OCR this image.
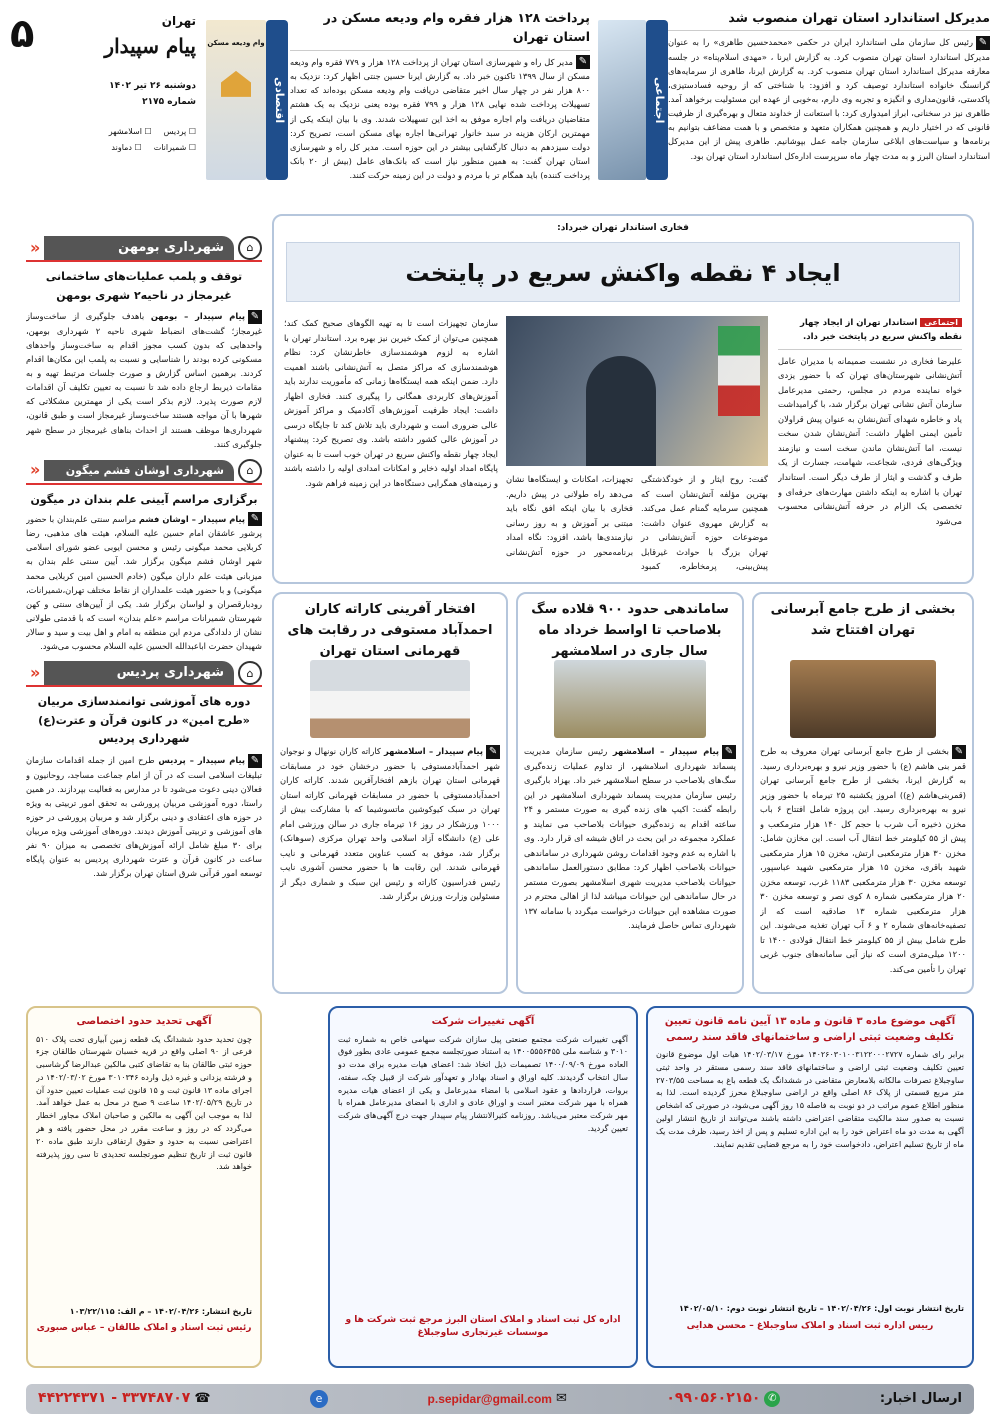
مدیرکل استاندارد استان تهران منصوب شد

✎رئیس کل سازمان ملی استاندارد ایران در حکمی «محمدحسین طاهری» را به عنوان مدیرکل استاندارد استان تهران منصوب کرد. به گزارش ایرنا ، «مهدی اسلام‌پناه» در جلسه معارفه مدیرکل استاندارد استان تهران منصوب کرد. به گزارش ایرنا، طاهری از سرمایه‌های گرانسنگ خانواده استاندارد توصیف کرد و افزود: با شناختی که از روحیه فسادستیزی، پاکدستی، قانون‌مداری و انگیزه و تجربه وی دارم، به‌خوبی از عهده این مسئولیت برخواهد آمد. طاهری نیز در سخنانی، ابراز امیدواری کرد: با استعانت از خداوند متعال و بهره‌گیری از ظرفیت قانونی که در اختیار داریم و همچنین همکاران متعهد و متخصص و با همت مضاعف بتوانیم به برنامه‌ها و سیاست‌های ابلاغی سازمان جامه عمل بپوشانیم. طاهری پیش از این مدیرکل استاندارد استان البرز و به مدت چهار ماه سرپرست اداره‌کل استاندارد استان تهران بود.

اجتماعی
پرداخت ۱۲۸ هزار فقره وام ودیعه مسکن در استان تهران

✎مدیر کل راه و شهرسازی استان تهران از پرداخت ۱۲۸ هزار و ۷۷۹ فقره وام ودیعه مسکن از سال ۱۳۹۹ تاکنون خبر داد. به گزارش ایرنا حسین جنتی اظهار کرد: نزدیک به ۸۰۰ هزار نفر در چهار سال اخیر متقاضی دریافت وام ودیعه مسکن بوده‌اند که تعداد تسهیلات پرداخت شده نهایی ۱۲۸ هزار و ۷۹۹ فقره بوده یعنی نزدیک به یک هشتم متقاضیان دریافت وام اجاره موفق به اخذ این تسهیلات شدند. وی با بیان اینکه یکی از مهمترین ارکان هزینه در سبد خانوار تهرانی‌ها اجاره بهای مسکن است، تصریح کرد: دولت سیزدهم به دنبال کارگشایی بیشتر در این حوزه است. مدیر کل راه و شهرسازی استان تهران گفت: به همین منظور نیاز است که بانک‌های عامل (بیش از ۲۰ بانک پرداخت کننده) باید همگام تر با مردم و دولت در این زمینه حرکت کنند.

اقتصادی
وام ودیعه مسکن
۵	تهران
پیام سپیدار
دوشنبه ۲۶ تیر ۱۴۰۲
شماره ۲۱۷۵
☐ پردیس
☐ اسلامشهر
☐ شمیرانات
☐ دماوند
⌂
شهرداری بومهن
«
توقف و پلمب عملیات‌های ساختمانی غیرمجاز در ناحیه۲ شهری بومهن

✎پیام سپیدار – بومهن باهدف جلوگیری از ساخت‌وساز غیرمجاز؛ گشت‌های انضباط شهری ناحیه ۲ شهرداری بومهن، واحدهایی که بدون کسب مجوز اقدام به ساخت‌وساز واحدهای مسکونی کرده بودند را شناسایی و نسبت به پلمب این مکان‌ها اقدام کردند. برهمین اساس گزارش و صورت جلسات مرتبط تهیه و به مقامات ذیربط ارجاع داده شد تا نسبت به تعیین تکلیف آن اقدامات لازم صورت پذیرد. لازم بذکر است یکی از مهمترین مشکلاتی که شهرها با آن مواجه هستند ساخت‌وساز غیرمجاز است و طبق قانون، شهرداری‌ها موظف هستند از احداث بناهای غیرمجاز در سطح شهر جلوگیری کنند.

⌂
شهرداری اوشان فشم میگون
«
برگزاری مراسم آیینی علم بندان در میگون

✎پیام سپیدار – اوشان فشم مراسم سنتی علم‌بندان با حضور پرشور عاشقان امام حسین علیه السلام، هیئت های مذهبی، رضا کربلایی محمد میگونی رئیس و محسن ایوبی عضو شورای اسلامی شهر اوشان فشم میگون برگزار شد. آیین سنتی علم بندان به میزبانی هیئت علم داران میگون (خادم الحسین امین کربلایی محمد میگونی) و با حضور هیئت علمداران از نقاط مختلف تهران،شمیرانات، رودبارقصران و لواسان برگزار شد. یکی از آیین‌های سنتی و کهن شهرستان شمیرانات مراسم «علم بندان» است که با قدمتی طولانی نشان از دلدادگی مردم این منطقه به امام و اهل بیت و سید و سالار شهیدان حضرت اباعبدالله الحسین علیه السلام محسوب می‌شود.

⌂
شهرداری پردیس
«
دوره های آموزشی توانمندسازی مربیان «طرح امین» در کانون قرآن و عترت(ع) شهرداری پردیس

✎پیام سپیدار – پردیس طرح امین از جمله اقدامات سازمان تبلیغات اسلامی است که در آن از امام جماعت مساجد، روحانیون و فعالان دینی دعوت می‌شود تا در مدارس به فعالیت بپردازند. در همین راستا، دوره آموزشی مربیان پرورشی به تحقق امور تربیتی به ویژه در حوزه های اعتقادی و دینی برگزار شد و مربیان پرورشی در حوزه های آموزشی و تربیتی آموزش دیدند. دوره‌های آموزشی ویژه مربیان برای ۳۰ مبلغ شامل ارائه آموزش‌های تخصصی به میزان ۹۰ نفر ساعت در کانون قرآن و عترت شهرداری پردیس به عنوان پایگاه توسعه امور قرآنی شرق استان تهران برگزار شد.

فخاری استاندار تهران خبرداد:
ایجاد ۴ نقطه واکنش سریع در پایتخت
اجتماعی استاندار تهران از ایجاد چهار نقطه واکنش سریع در پایتخت خبر داد.

علیرضا فخاری در نشست صمیمانه با مدیران عامل آتش‌نشانی شهرستان‌های تهران که با حضور یزدی خواه نماینده مردم در مجلس، رحمتی مدیرعامل سازمان آتش نشانی تهران برگزار شد، با گرامیداشت یاد و خاطره شهدای آتش‌نشان به عنوان پیش قراولان تأمین ایمنی اظهار داشت: آتش‌نشان شدن سخت نیست، اما آتش‌نشان ماندن سخت است و نیازمند ویژگی‌های فردی، شجاعت، شهامت، جسارت از یک طرف و گذشت و ایثار از طرف دیگر است. استاندار تهران با اشاره به اینکه داشتن مهارت‌های حرفه‌ای و تخصصی یک الزام در حرفه آتش‌نشانی محسوب می‌شود

گفت: روح ایثار و از خودگذشتگی بهترین مؤلفه آتش‌نشان است که همچنین سرمایه گمنام عمل می‌کند. به گزارش مهروی عنوان داشت: موضوعات حوزه آتش‌نشانی در تهران بزرگ با حوادث غیرقابل پیش‌بینی، پرمخاطره، کمبود تجهیزات، امکانات و ایستگاه‌ها نشان می‌دهد راه طولانی در پیش داریم. فخاری با بیان اینکه افق نگاه باید مبتنی بر آموزش و به روز رسانی نیازمندی‌ها باشد، افزود: نگاه امداد برنامه‌محور در حوزه آتش‌نشانی

سازمان تجهیزات است تا به تهیه الگوهای صحیح کمک کند؛ همچنین می‌توان از کمک خیرین نیز بهره برد. استاندار تهران با اشاره به لزوم هوشمندسازی خاطرنشان کرد: نظام هوشمندسازی که مراکز متصل به آتش‌نشانی باشند اهمیت دارد. ضمن اینکه همه ایستگاه‌ها زمانی که مأموریت ندارند باید آموزش‌های کاربردی همگانی را پیگیری کنند. فخاری اظهار داشت: ایجاد ظرفیت آموزش‌های آکادمیک و مراکز آموزش عالی ضروری است و شهرداری باید تلاش کند تا جایگاه درسی در آموزش عالی کشور داشته باشد. وی تصریح کرد: پیشنهاد ایجاد چهار نقطه واکنش سریع در تهران خوب است تا به عنوان پایگاه امداد اولیه ذخایر و امکانات امدادی اولیه را داشته باشند و زمینه‌های همگرایی دستگاه‌ها در این زمینه فراهم شود.

بخشی از طرح جامع آبرسانی تهران افتتاح شد

✎بخشی از طرح جامع آبرسانی تهران معروف به طرح قمر بنی هاشم (ع) با حضور وزیر نیرو و بهره‌برداری رسید. به گزارش ایرنا، بخشی از طرح جامع آبرسانی تهران (قمربنی‌هاشم (ع)) امروز یکشنبه ۲۵ تیرماه با حضور وزیر نیرو به بهره‌برداری رسید. این پروژه شامل افتتاح ۶ باب مخزن ذخیره آب شرب با حجم کل ۱۴۰ هزار مترمکعب و پیش از ۵۵ کیلومتر خط انتقال آب است. این مخازن شامل: مخزن ۳۰ هزار مترمکعبی ارتش، مخزن ۱۵ هزار مترمکعبی شهید باقری، مخزن ۱۵ هزار مترمکعبی شهید عباسپور، توسعه مخزن ۳۰ هزار مترمکعبی ۱۱۸۳ غرب، توسعه مخزن ۲۰ هزار مترمکعبی شماره ۸ کوی نصر و توسعه مخزن ۳۰ هزار مترمکعبی شماره ۱۳ صادقیه است که از تصفیه‌خانه‌های شماره ۲ و ۶ آب تهران تغذیه می‌شوند. این طرح شامل بیش از ۵۵ کیلومتر خط انتقال فولادی ۱۴۰۰ تا ۱۲۰۰ میلی‌متری است که نیاز آبی سامانه‌های جنوب غربی تهران را تأمین می‌کند.

ساماندهی حدود ۹۰۰ قلاده سگ بلاصاحب تا اواسط خرداد ماه سال جاری در اسلامشهر

✎پیام سپیدار – اسلامشهر رئیس سازمان مدیریت پسماند شهرداری اسلامشهر، از تداوم عملیات زنده‌گیری سگ‌های بلاصاحب در سطح اسلامشهر خبر داد. بهزاد بارگیری رئیس سازمان مدیریت پسماند شهرداری اسلامشهر در این رابطه گفت: اکیپ های زنده گیری به صورت مستمر و ۲۴ ساعته اقدام به زنده‌گیری حیوانات بلاصاحب می نمایند و عملکرد مجموعه در این بحث در اتاق شیشه ای قرار دارد. وی با اشاره به عدم وجود اقدامات روشن شهرداری در ساماندهی حیوانات بلاصاحب اظهار کرد: مطابق دستورالعمل ساماندهی حیوانات بلاصاحب مدیریت شهری اسلامشهر بصورت مستمر در حال ساماندهی این حیوانات میباشد لذا از اهالی محترم در صورت مشاهده این حیوانات درخواست میگردد با سامانه ۱۳۷ شهرداری تماس حاصل فرمایند.

افتخار آفرینی کاراته کاران احمدآباد مستوفی در رقابت های قهرمانی استان تهران

✎پیام سپیدار – اسلامشهر کاراته کاران نونهال و نوجوان شهر احمدآبادمستوفی با حضور درخشان خود در مسابقات قهرمانی استان تهران بازهم افتخارآفرین شدند. کاراته کاران احمدآبادمستوفی با حضور در مسابقات قهرمانی کاراته استان تهران در سبک کیوکوشین ماتسوشیما که با مشارکت بیش از ۱۰۰۰ ورزشکار در روز ۱۶ تیرماه جاری در سالن ورزشی امام علی (ع) دانشگاه آزاد اسلامی واحد تهران مرکزی (سوهانک) برگزار شد، موفق به کسب عناوین متعدد قهرمانی و نایب قهرمانی شدند. این رقابت ها با حضور محسن آشوری نایب رئیس فدراسیون کاراته و رئیس این سبک و شماری دیگر از مسئولین وزارت ورزش برگزار شد.

آگهی موضوع ماده ۳ قانون و ماده ۱۳ آیین نامه قانون تعیین تکلیف وضعیت ثبتی اراضی و ساختمانهای فاقد سند رسمی

برابر رای شماره ۱۴۰۲۶۰۳۰۱۰۰۳۱۲۲۰۰۰۲۷۲۷ مورخ ۱۴۰۲/۰۳/۱۷ هیات اول موضوع قانون تعیین تکلیف وضعیت ثبتی اراضی و ساختمانهای فاقد سند رسمی مستقر در واحد ثبتی ساوجبلاغ تصرفات مالکانه بلامعارض متقاضی در ششدانگ یک قطعه باغ به مساحت ۲۷۰۳/۵۵ متر مربع قسمتی از پلاک ۸۶ اصلی واقع در اراضی ساوجبلاغ محرز گردیده است. لذا به منظور اطلاع عموم مراتب در دو نوبت به فاصله ۱۵ روز آگهی می‌شود، در صورتی که اشخاص نسبت به صدور سند مالکیت متقاضی اعتراضی داشته باشند می‌توانند از تاریخ انتشار اولین آگهی به مدت دو ماه اعتراض خود را به این اداره تسلیم و پس از اخذ رسید، ظرف مدت یک ماه از تاریخ تسلیم اعتراض، دادخواست خود را به مرجع قضایی تقدیم نمایند.

تاریخ انتشار نوبت اول: ۱۴۰۲/۰۴/۲۶ – تاریخ انتشار نوبت دوم: ۱۴۰۲/۰۵/۱۰

رییس اداره ثبت اسناد و املاک ساوجبلاغ – محسن هدایی
آگهی تغییرات شرکت

آگهی تغییرات شرکت مجتمع صنعتی پیل سازان شرکت سهامی خاص به شماره ثبت ۳۰۱۰ و شناسه ملی ۱۴۰۰۵۵۵۶۴۵۵ به استناد صورتجلسه مجمع عمومی عادی بطور فوق العاده مورخ ۱۴۰۰/۰۹/۰۹ تصمیمات ذیل اتخاذ شد: اعضای هیات مدیره برای مدت دو سال انتخاب گردیدند. کلیه اوراق و اسناد بهادار و تعهدآور شرکت از قبیل چک، سفته، بروات، قراردادها و عقود اسلامی با امضاء مدیرعامل و یکی از اعضای هیات مدیره همراه با مهر شرکت معتبر است و اوراق عادی و اداری با امضای مدیرعامل همراه با مهر شرکت معتبر می‌باشد. روزنامه کثیرالانتشار پیام سپیدار جهت درج آگهی‌های شرکت تعیین گردید.

اداره کل ثبت اسناد و املاک استان البرز مرجع ثبت شرکت ها و موسسات غیرتجاری ساوجبلاغ
آگهی تحدید حدود اختصاصی

چون تحدید حدود ششدانگ یک قطعه زمین آبیاری تحت پلاک ۵۱۰ فرعی از ۹۰ اصلی واقع در قریه خسبان شهرستان طالقان جزء حوزه ثبتی طالقان بنا به تقاضای کتبی مالکین عبدالرضا گرشاسبی و فرشته یزدانی و غیره ذیل وارده ۳۰۱۰۳۴۶ مورخ ۱۴۰۲/۰۳/۰۲ در اجرای ماده ۱۳ قانون ثبت و ۱۵ قانون ثبت عملیات تعیین حدود آن در تاریخ ۱۴۰۲/۰۵/۲۹ ساعت ۹ صبح در محل به عمل خواهد آمد. لذا به موجب این آگهی به مالکین و صاحبان املاک مجاور اخطار می‌گردد که در روز و ساعت مقرر در محل حضور یافته و هر اعتراضی نسبت به حدود و حقوق ارتفاقی دارند طبق ماده ۲۰ قانون ثبت از تاریخ تنظیم صورتجلسه تحدیدی تا سی روز پذیرفته خواهد شد.

تاریخ انتشار: ۱۴۰۲/۰۴/۲۶ – م الف: ۱۰۳/۲۲/۱۱۵

رئیس ثبت اسناد و املاک طالقان – عباس صبوری
ارسال اخبار:
✆
۰۹۹۰۵۶۰۲۱۵۰
✉
p.sepidar@gmail.com
e
☎
۳۳۷۴۸۷۰۷ - ۴۴۲۲۴۳۷۱
